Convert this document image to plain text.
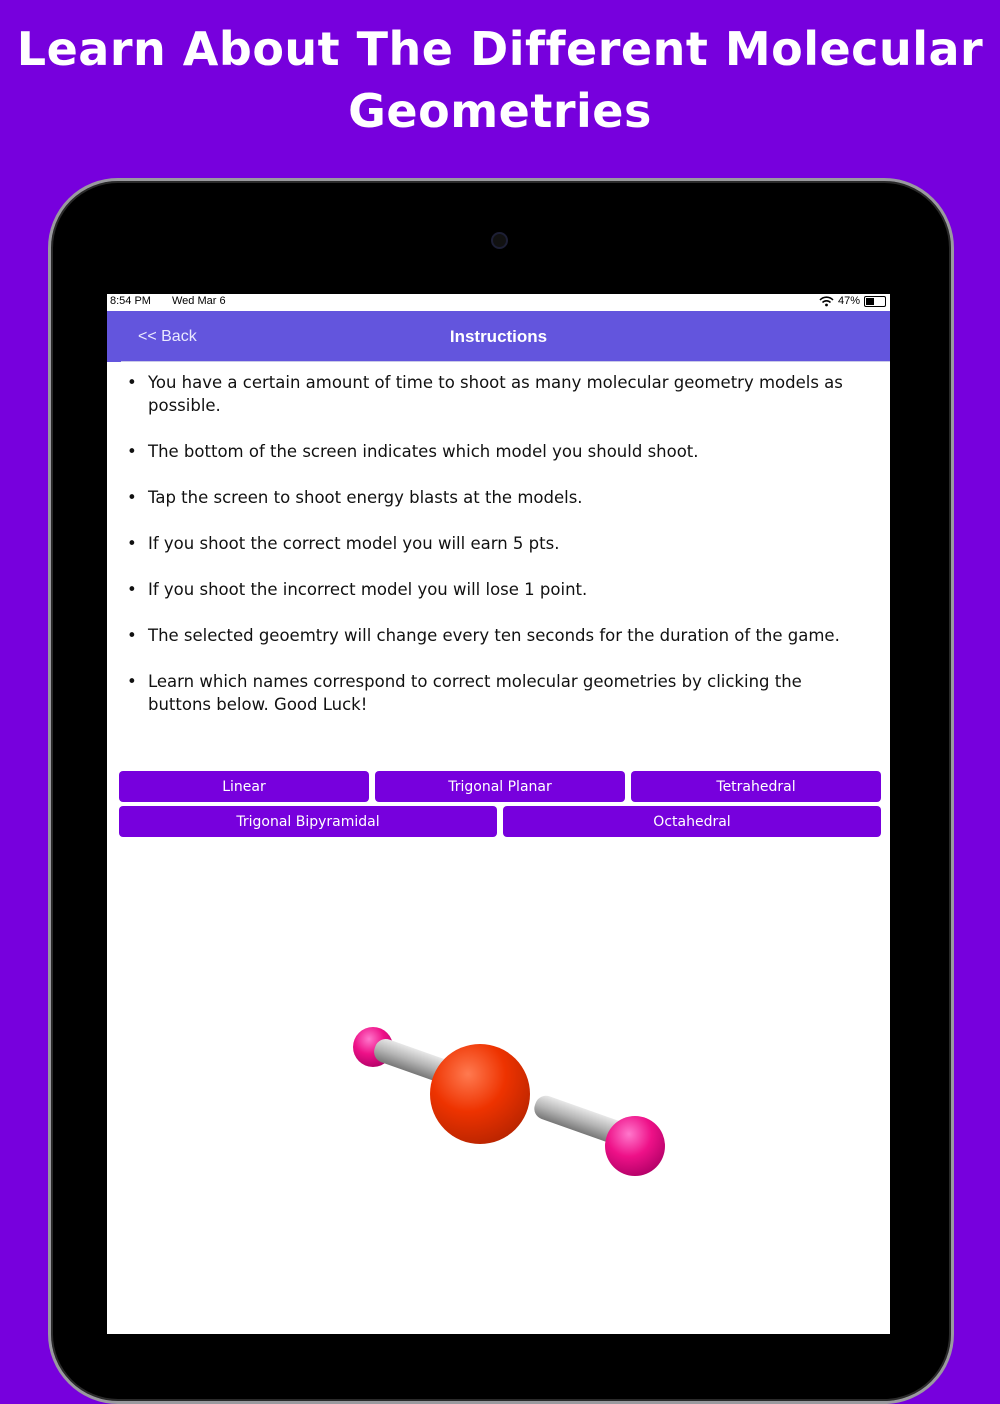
Learn About The Different Molecular Geometries
8:54 PM Wed Mar 6	47%
<< Back	Instructions
• You have a certain amount of time to shoot as many molecular geometry models as possible.
• The bottom of the screen indicates which model you should shoot.
• Tap the screen to shoot energy blasts at the models.
• If you shoot the correct model you will earn 5 pts.
• If you shoot the incorrect model you will lose 1 point.
• The selected geoemtry will change every ten seconds for the duration of the game.
• Learn which names correspond to correct molecular geometries by clicking the buttons below. Good Luck!
Linear	Trigonal Planar	Tetrahedral
Trigonal Bipyramidal	Octahedral
